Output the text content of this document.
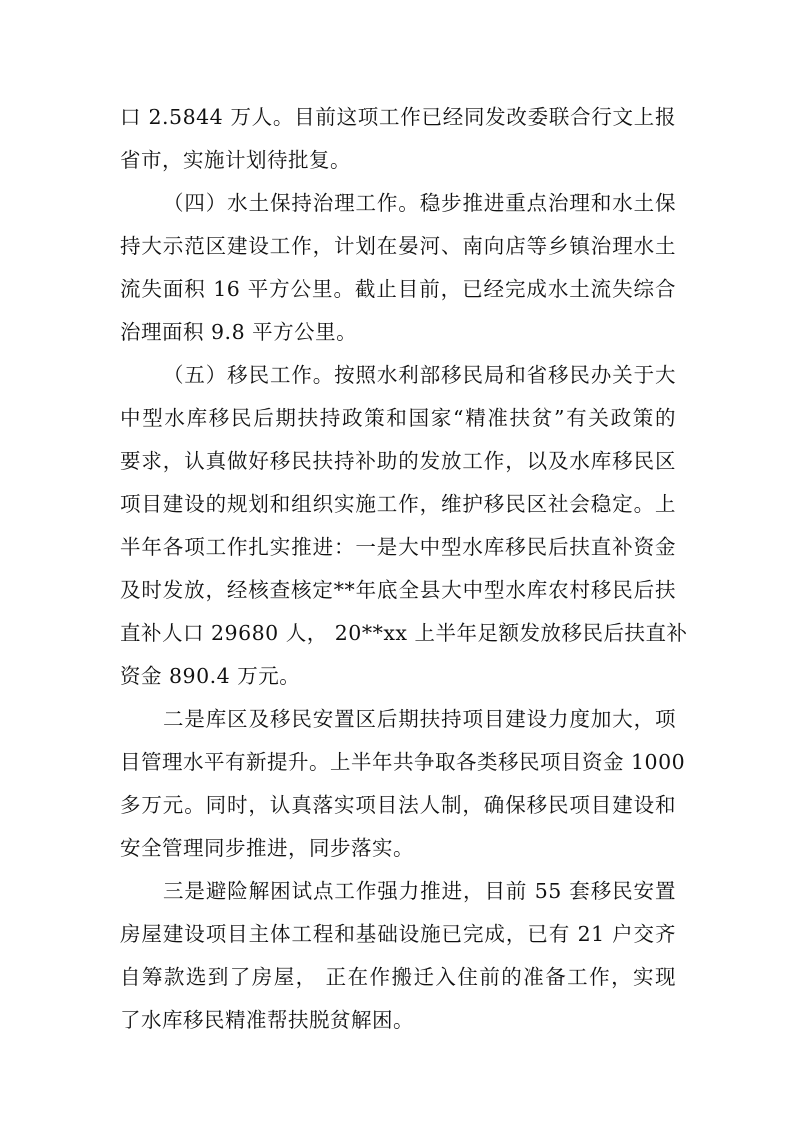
口 2.5844 万人。目前这项工作已经同发改委联合行文上报
省市，实施计划待批复。
（四）水土保持治理工作。稳步推进重点治理和水土保
持大示范区建设工作，计划在晏河、南向店等乡镇治理水土
流失面积 16 平方公里。截止目前，已经完成水土流失综合
治理面积 9.8 平方公里。
（五）移民工作。按照水利部移民局和省移民办关于大
中型水库移民后期扶持政策和国家“精准扶贫”有关政策的
要求，认真做好移民扶持补助的发放工作，以及水库移民区
项目建设的规划和组织实施工作，维护移民区社会稳定。上
半年各项工作扎实推进：一是大中型水库移民后扶直补资金
及时发放，经核查核定**年底全县大中型水库农村移民后扶
直补人口 29680 人， 20**xx 上半年足额发放移民后扶直补
资金 890.4 万元。
二是库区及移民安置区后期扶持项目建设力度加大，项
目管理水平有新提升。上半年共争取各类移民项目资金 1000
多万元。同时，认真落实项目法人制，确保移民项目建设和
安全管理同步推进，同步落实。
三是避险解困试点工作强力推进，目前 55 套移民安置
房屋建设项目主体工程和基础设施已完成，已有 21 户交齐
自筹款选到了房屋， 正在作搬迁入住前的准备工作，实现
了水库移民精准帮扶脱贫解困。
